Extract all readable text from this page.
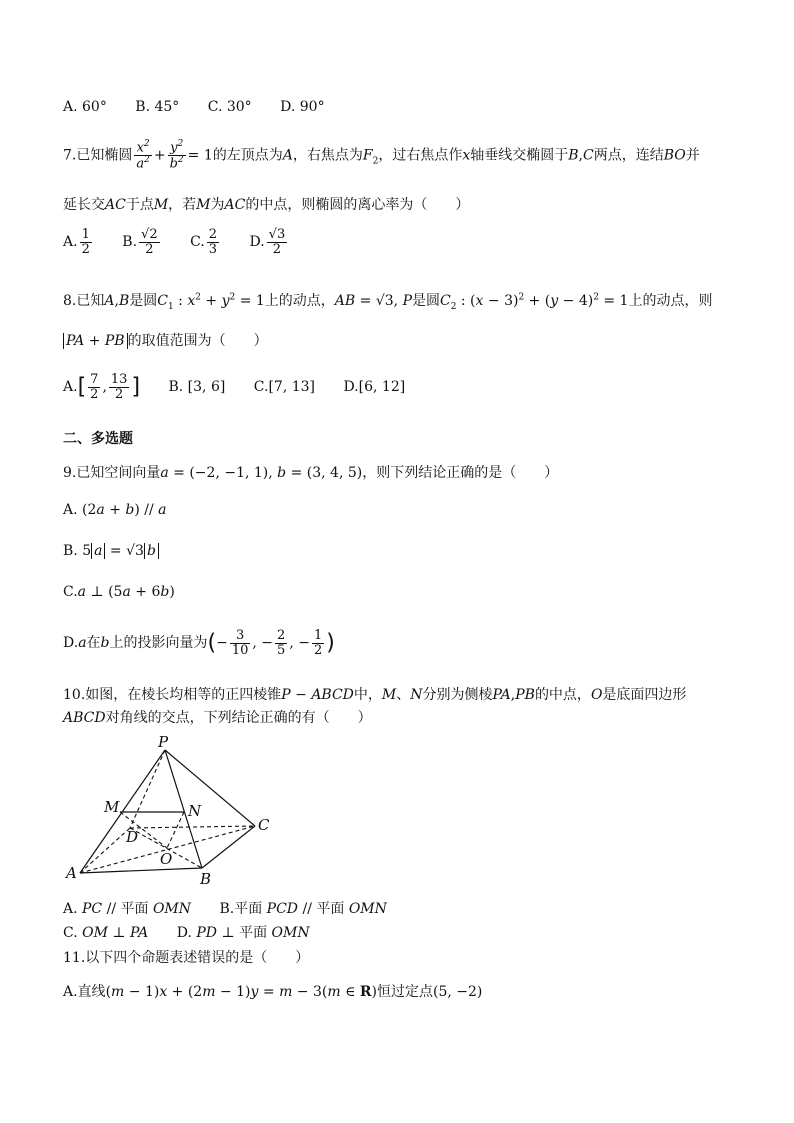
A. 60° B. 45° C. 30° D. 90°
7.已知椭圆 $\frac{x^2}{a^2} + \frac{y^2}{b^2} = 1$的左顶点为A，右焦点为$F_2$，过右焦点作x轴垂线交椭圆于B,C两点，连结BO并
延长交AC于点M，若M为AC的中点，则椭圆的离心率为（　　）
A. $\frac{1}{2} B$. $\frac{√2}{2} C$. $\frac{2}{3} D$. $\frac{√3}{2}$
8.已知A,B是圆$C_1$ : $x^2 + y^2 = 1$上的动点，AB = √3, P是圆$C_2$ : $(x - 3)^2 + (y - 4)^2 = 1$上的动点，则
PA + PB 的取值范围为（　　）
$A.[ \frac{7}{2}$ , $\frac{13}{2}$ ] B. [3, 6] C.[7, 13] D.[6, 12]
二、多选题
9.已知空间向量a = (−2, −1, 1), b = (3, 4, 5)，则下列结论正确的是（　　）
A. (2a + b) // a
B. 5 a = √3 b
C.a ⊥ (5a + 6b)
D.a在b上的投影向量为(− $\frac{3}{10}$ , − $\frac{2}{5}$ , − $\frac{1}{2}$ )
10.如图，在棱长均相等的正四棱锥P − ABCD中，M、N分别为侧棱PA,PB的中点，O是底面四边形
ABCD对角线的交点，下列结论正确的有（　　）
P
M	N
D
C
O
A	B
A. PC // 平面 OMN B.平面 PCD // 平面 OMN
C. OM ⊥ PA D. PD ⊥ 平面 OMN
11.以下四个命题表述错误的是（　　）
A.直线(m − 1)x + (2m − 1)y = m − 3(m ∈ R)恒过定点(5, −2)
